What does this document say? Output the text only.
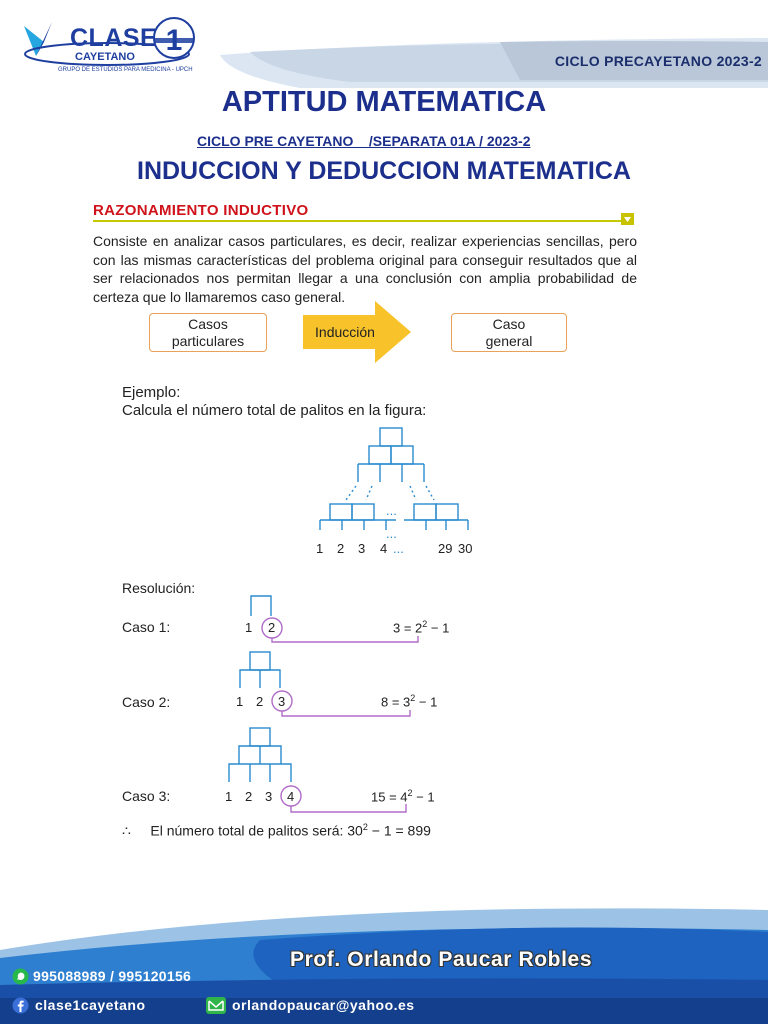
CLASE
CAYETANO
GRUPO DE ESTUDIOS PARA MEDICINA - UPCH
CICLO PRECAYETANO 2023-2
APTITUD MATEMATICA
CICLO PRE CAYETANO    /SEPARATA 01A / 2023-2
INDUCCION Y DEDUCCION MATEMATICA
RAZONAMIENTO INDUCTIVO
Consiste en analizar casos particulares, es decir, realizar experiencias sencillas, pero con las mismas características del problema original para conseguir resultados que al ser relacionados nos permitan llegar a una conclusión con amplia probabilidad de certeza que lo llamaremos caso general.
Casos
particulares
Inducción
Caso
general
Ejemplo:
Calcula el número total de palitos en la figura:
...
...
1 2 3 4 ...	29 30
Resolución:
Caso 1:	1 2	$3 = 2^2 - 1$
Caso 2:	1 2 3	$8 = 3^2 - 1$
Caso 3:	1 2 3 4	$15 = 4^2 - 1$
∴ El número total de palitos será: $30^2 - 1 = 899$
Prof. Orlando Paucar Robles
995088989 / 995120156
clase1cayetano	orlandopaucar@yahoo.es
